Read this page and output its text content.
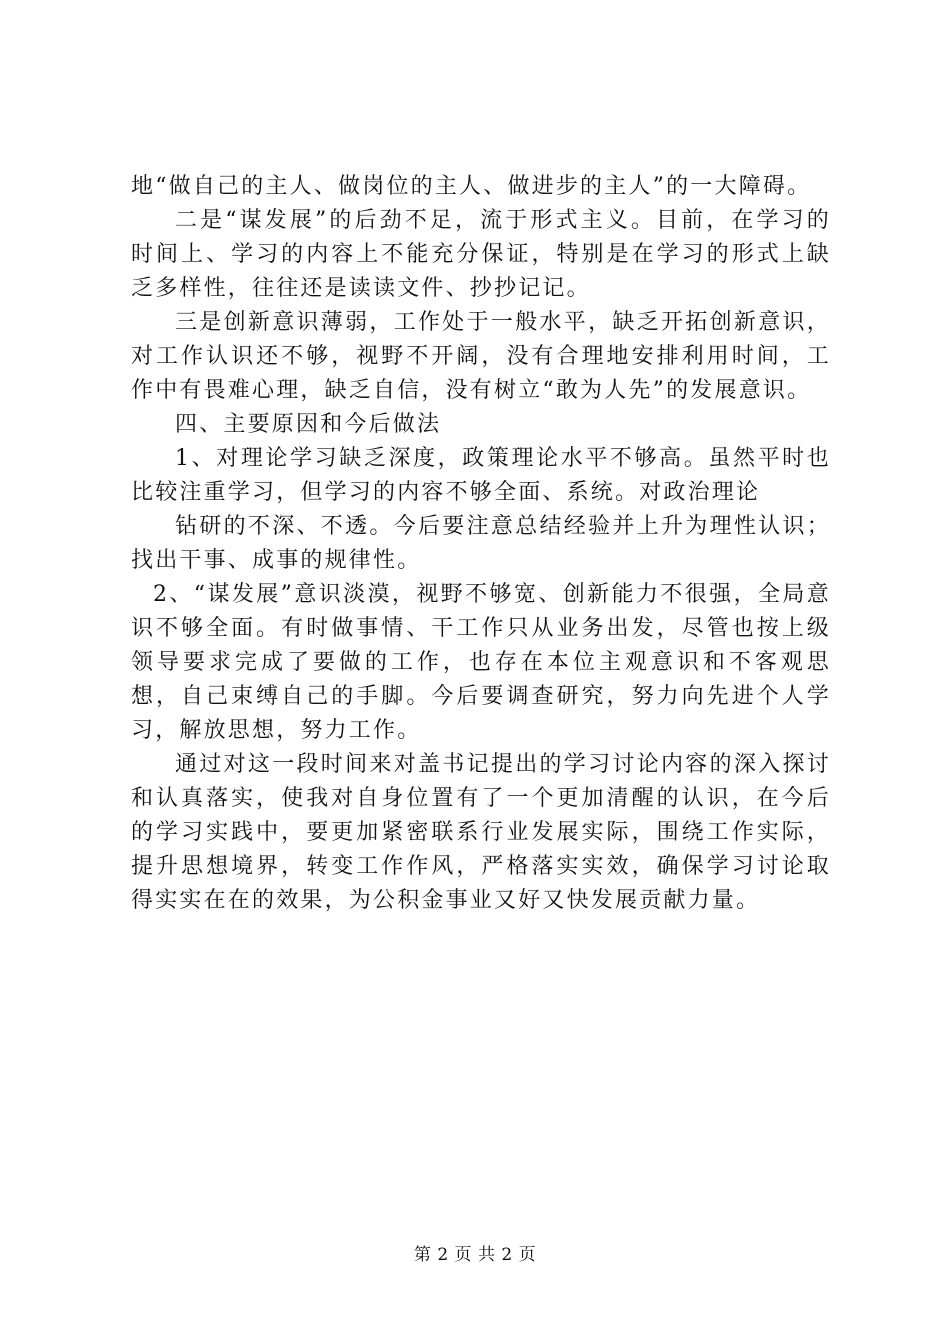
地“做自己的主人、做岗位的主人、做进步的主人”的一大障碍。

二是“谋发展”的后劲不足，流于形式主义。目前，在学习的时间上、学习的内容上不能充分保证，特别是在学习的形式上缺乏多样性，往往还是读读文件、抄抄记记。

三是创新意识薄弱，工作处于一般水平，缺乏开拓创新意识，对工作认识还不够，视野不开阔，没有合理地安排利用时间，工作中有畏难心理，缺乏自信，没有树立“敢为人先”的发展意识。

四、主要原因和今后做法

1、对理论学习缺乏深度，政策理论水平不够高。虽然平时也比较注重学习，但学习的内容不够全面、系统。对政治理论

钻研的不深、不透。今后要注意总结经验并上升为理性认识；找出干事、成事的规律性。

2、“谋发展”意识淡漠，视野不够宽、创新能力不很强，全局意识不够全面。有时做事情、干工作只从业务出发，尽管也按上级领导要求完成了要做的工作，也存在本位主观意识和不客观思想，自己束缚自己的手脚。今后要调查研究，努力向先进个人学习，解放思想，努力工作。

通过对这一段时间来对盖书记提出的学习讨论内容的深入探讨和认真落实，使我对自身位置有了一个更加清醒的认识，在今后的学习实践中，要更加紧密联系行业发展实际，围绕工作实际，提升思想境界，转变工作作风，严格落实实效，确保学习讨论取得实实在在的效果，为公积金事业又好又快发展贡献力量。

第 2 页 共 2 页
